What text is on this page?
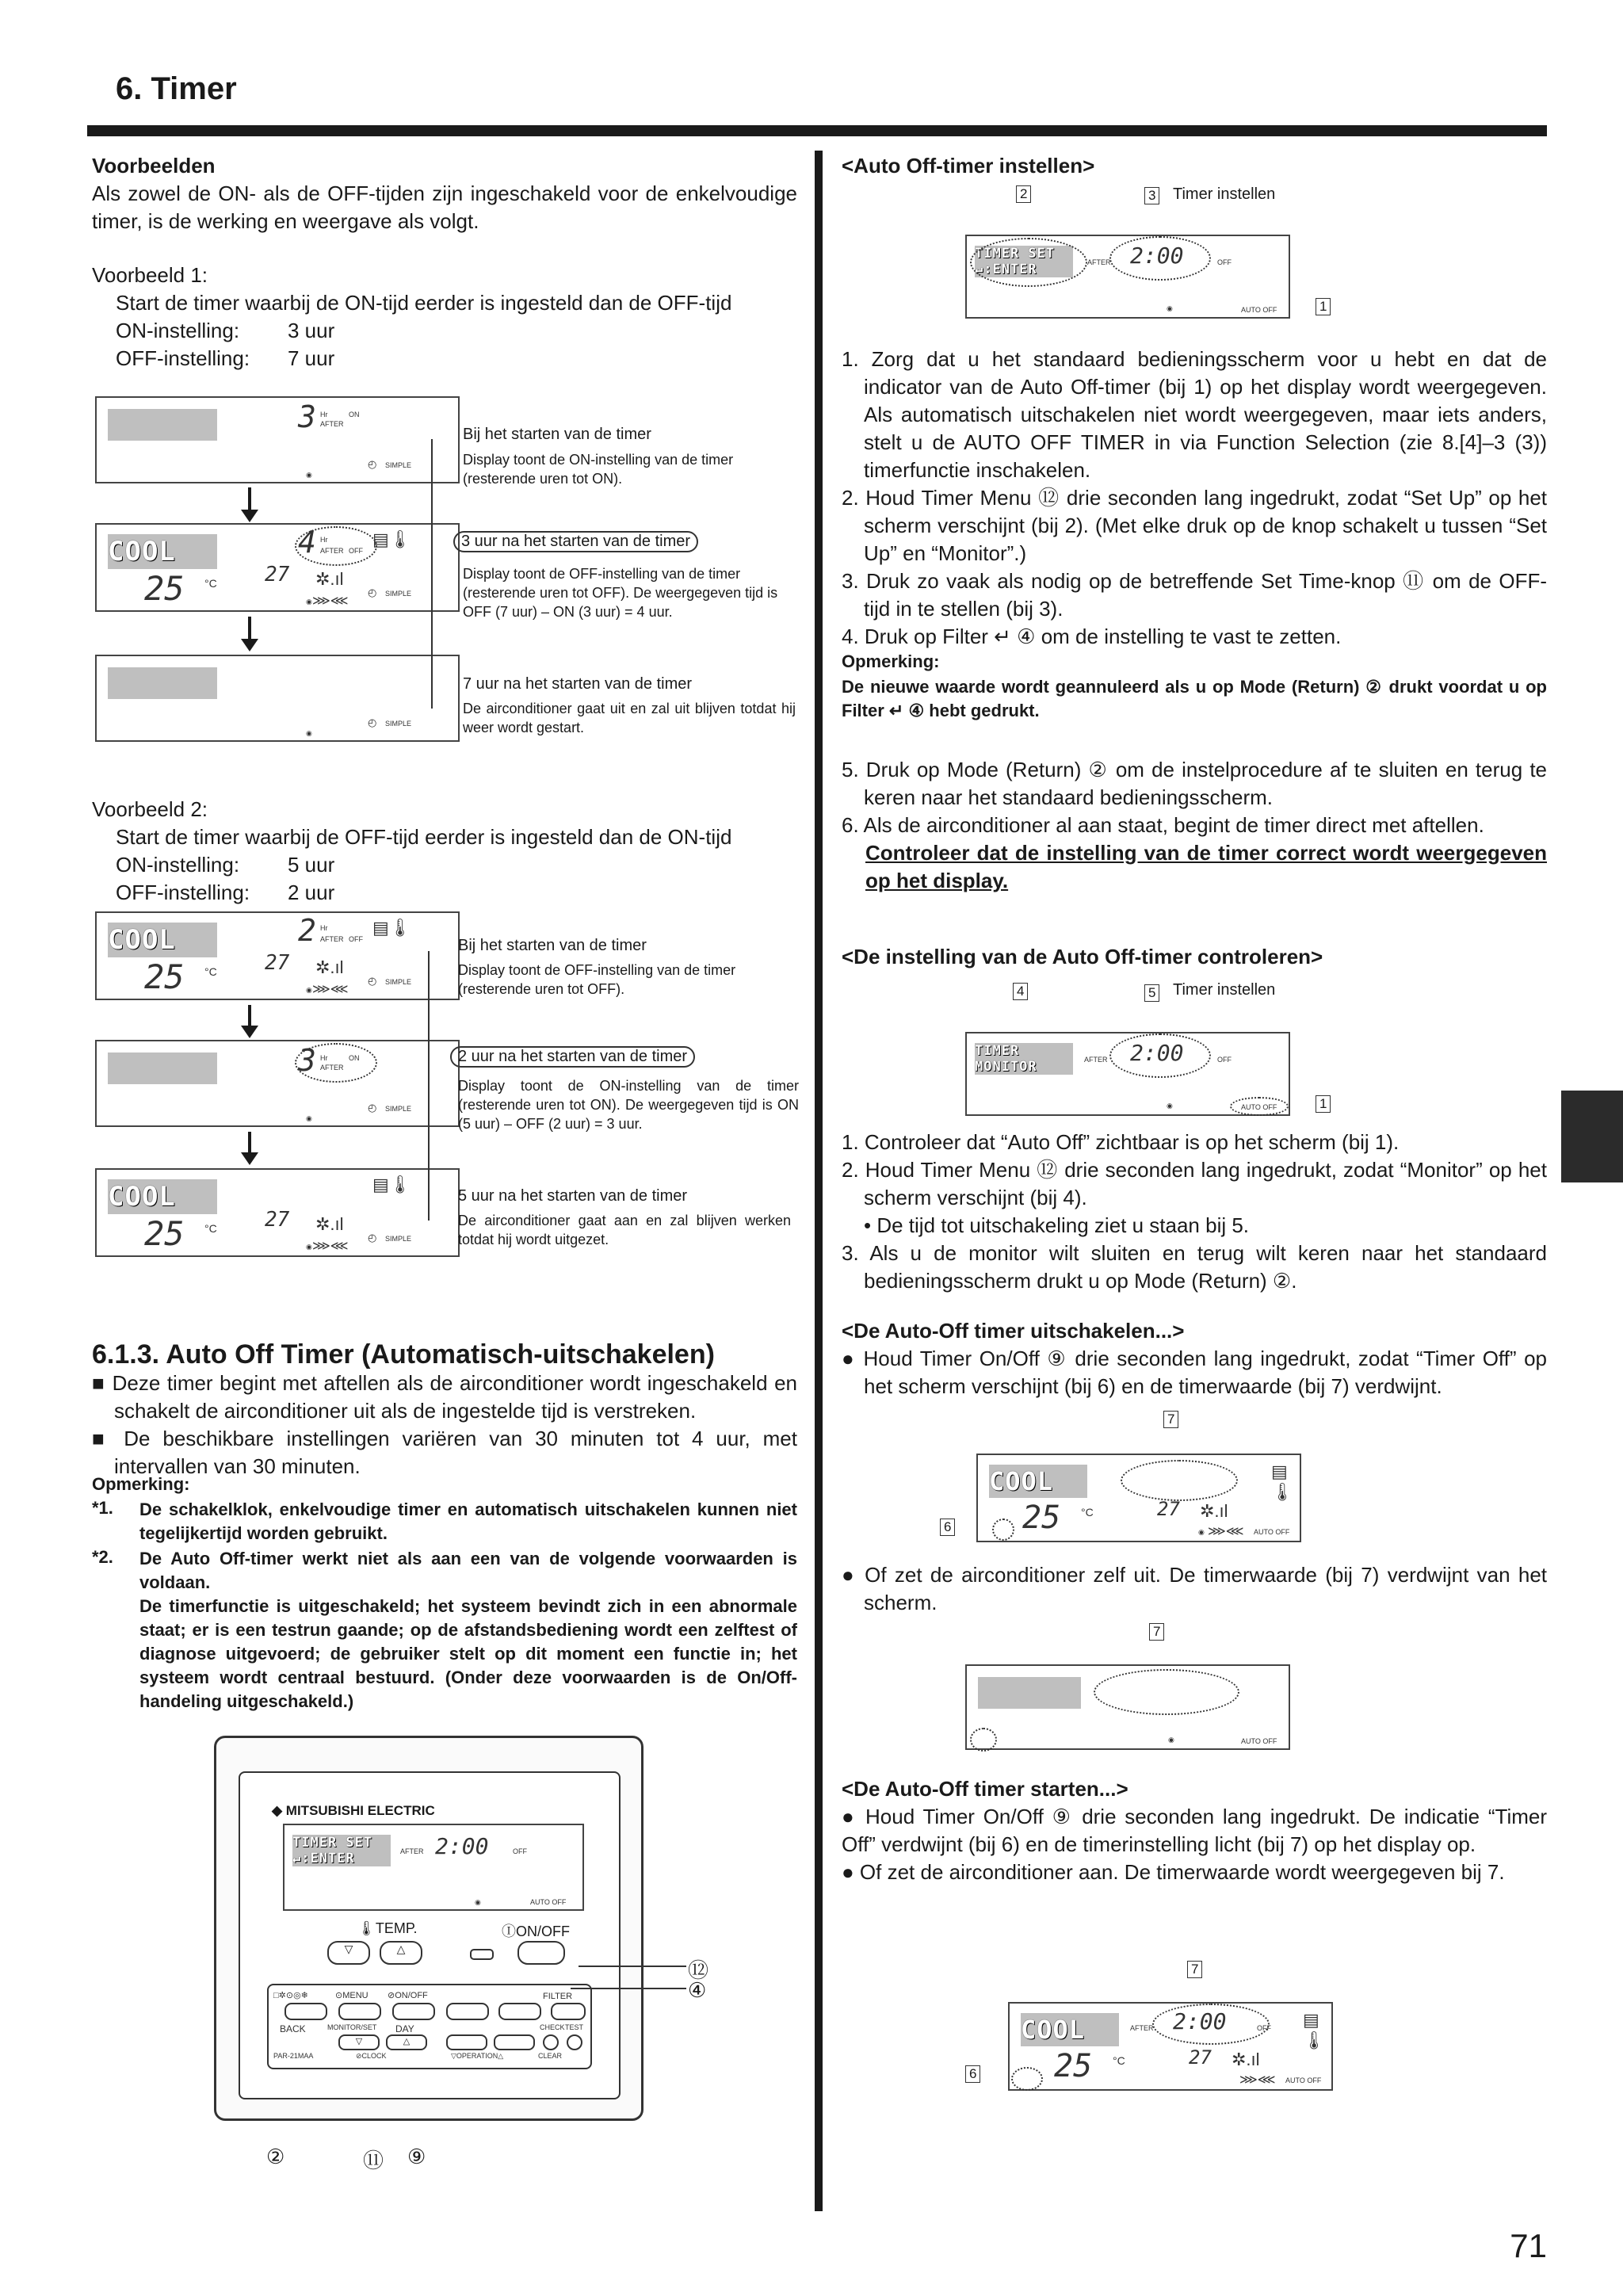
6. Timer
71
Voorbeelden
Als zowel de ON- als de OFF-tijden zijn ingeschakeld voor de enkelvoudige timer, is de werking en weergave als volgt.
Voorbeeld 1:
Start de timer waarbij de ON-tijd eerder is ingesteld dan de OFF-tijd
ON-instelling: 3 uur
OFF-instelling: 7 uur
3 Hr	ON
AFTER
◉
◴ SIMPLE
COOL
25 °C 27
4 Hr
AFTER OFF
◉
✲.ıl
⋙⋘
▤🌡
◴ SIMPLE
◉
◴ SIMPLE
Bij het starten van de timer
Display toont de ON-instelling van de timer (resterende uren tot ON).
3 uur na het starten van de timer
Display toont de OFF-instelling van de timer (resterende uren tot OFF). De weergegeven tijd is OFF (7 uur) – ON (3 uur) = 4 uur.
7 uur na het starten van de timer
De airconditioner gaat uit en zal uit blijven totdat hij weer wordt gestart.
Voorbeeld 2:
Start de timer waarbij de OFF-tijd eerder is ingesteld dan de ON-tijd
ON-instelling: 5 uur
OFF-instelling: 2 uur
COOL
25 °C 27
2 Hr
AFTER OFF
✲.ıl
⋙⋘
▤🌡
◉
◴ SIMPLE
3 Hr	ON
AFTER
◉
◴ SIMPLE
COOL
25 °C 27 ✲.ıl
⋙⋘
▤🌡
◉
◴ SIMPLE
Bij het starten van de timer
Display toont de OFF-instelling van de timer (resterende uren tot OFF).
2 uur na het starten van de timer
Display toont de ON-instelling van de timer (resterende uren tot ON). De weergegeven tijd is ON (5 uur) – OFF (2 uur) = 3 uur.
5 uur na het starten van de timer
De airconditioner gaat aan en zal blijven werken totdat hij wordt uitgezet.
6.1.3. Auto Off Timer (Automatisch-uitschakelen)
■ Deze timer begint met aftellen als de airconditioner wordt ingeschakeld en schakelt de airconditioner uit als de ingestelde tijd is verstreken.
■ De beschikbare instellingen variëren van 30 minuten tot 4 uur, met intervallen van 30 minuten.
Opmerking:
*1. De schakelklok, enkelvoudige timer en automatisch uitschakelen kunnen niet tegelijkertijd worden gebruikt.
*2. De Auto Off-timer werkt niet als aan een van de volgende voorwaarden is voldaan.
De timerfunctie is uitgeschakeld; het systeem bevindt zich in een abnormale staat; er is een testrun gaande; op de afstandsbediening wordt een zelftest of diagnose uitgevoerd; de gebruiker stelt op dit moment een functie in; het systeem wordt centraal bestuurd. (Onder deze voorwaarden is de On/Off-handeling uitgeschakeld.)
◆ MITSUBISHI ELECTRIC
TIMER SET ↵:ENTER	2:00
AFTER	OFF
AUTO OFF
◉
🌡TEMP.	ⒾON/OFF
▽	△
□✲⊙◎❄	⊙MENU ⊘ON/OFF	FILTER
BACK	MONITOR/SET DAY	CHECK TEST
▽	△
PAR-21MAA	⊘CLOCK	▽OPERATION△	CLEAR
⑫
④
②	⑪ ⑨
<Auto Off-timer instellen>
2	3 Timer instellen
TIMER SET
↵:ENTER
2:00
AFTER	OFF
AUTO OFF
◉	1
1. Zorg dat u het standaard bedieningsscherm voor u hebt en dat de indicator van de Auto Off-timer (bij 1) op het display wordt weergegeven. Als automatisch uitschakelen niet wordt weergegeven, maar iets anders, stelt u de AUTO OFF TIMER in via Function Selection (zie 8.[4]–3 (3)) timerfunctie inschakelen.
2. Houd Timer Menu ⑫ drie seconden lang ingedrukt, zodat “Set Up” op het scherm verschijnt (bij 2). (Met elke druk op de knop schakelt u tussen “Set Up” en “Monitor”.)
3. Druk zo vaak als nodig op de betreffende Set Time-knop ⑪ om de OFF-tijd in te stellen (bij 3).
4. Druk op Filter ↵ ④ om de instelling te vast te zetten.
Opmerking:
De nieuwe waarde wordt geannuleerd als u op Mode (Return) ② drukt voordat u op Filter ↵ ④ hebt gedrukt.
5. Druk op Mode (Return) ② om de instelprocedure af te sluiten en terug te keren naar het standaard bedieningsscherm.
6. Als de airconditioner al aan staat, begint de timer direct met aftellen.
Controleer dat de instelling van de timer correct wordt weergegeven op het display.
<De instelling van de Auto Off-timer controleren>
4	5 Timer instellen
TIMER
MONITOR
2:00
AFTER	OFF
AUTO OFF
◉	1
1. Controleer dat “Auto Off” zichtbaar is op het scherm (bij 1).
2. Houd Timer Menu ⑫ drie seconden lang ingedrukt, zodat “Monitor” op het scherm verschijnt (bij 4).
• De tijd tot uitschakeling ziet u staan bij 5.
3. Als u de monitor wilt sluiten en terug wilt keren naar het standaard bedieningsscherm drukt u op Mode (Return) ②.
<De Auto-Off timer uitschakelen...>
● Houd Timer On/Off ⑨ drie seconden lang ingedrukt, zodat “Timer Off” op het scherm verschijnt (bij 6) en de timerwaarde (bij 7) verdwijnt.
7
COOL
25 °C	27 ✲.ıl
⋙⋘
▤🌡
◉	AUTO OFF
6
● Of zet de airconditioner zelf uit. De timerwaarde (bij 7) verdwijnt van het scherm.
7
◉	AUTO OFF
<De Auto-Off timer starten...>
● Houd Timer On/Off ⑨ drie seconden lang ingedrukt. De indicatie “Timer Off” verdwijnt (bij 6) en de timerinstelling licht (bij 7) op het display op.
● Of zet de airconditioner aan. De timerwaarde wordt weergegeven bij 7.
7
COOL
25 °C	27
2:00
AFTER	OFF
✲.ıl
⋙⋘
▤🌡
AUTO OFF
6
